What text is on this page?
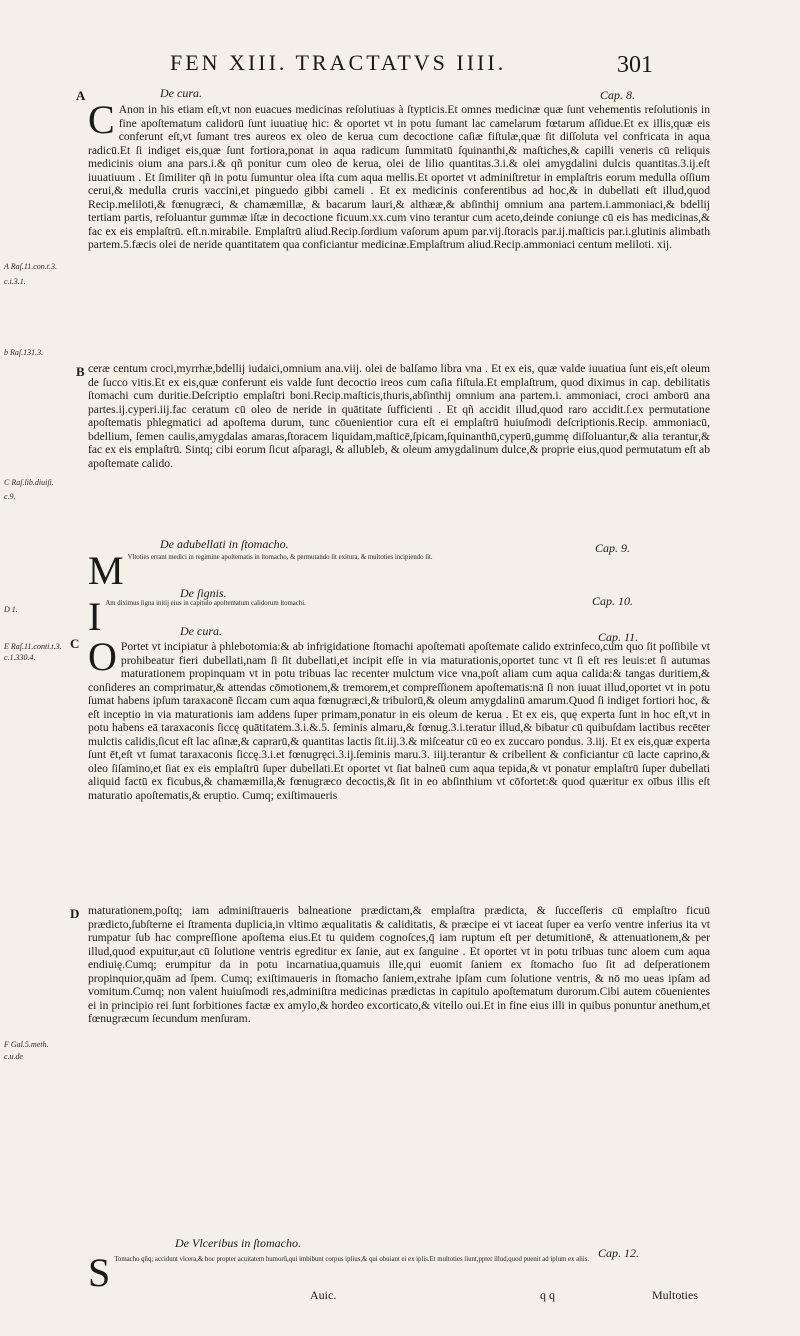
FEN XIII. TRACTATVS IIII.	301
A
B
C
D
A Raſ.11.con.t.3.
c.i.3.1.
b Raſ.131.3.
C Raſ.lib.diuiſi.
c.9.
D 1.
E Raſ.11.conti.t.3.
c.1.330.4.
F Gal.5.meth.
c.u.de
De cura.	Cap. 8.

C Anon in his etiam eſt,vt non euacues medicinas reſolutiuas à ſtypticis.Et omnes medicinæ quæ ſunt vehementis reſolutionis in fine apoſtematum calidorū ſunt iuuatiuę hic: & oportet vt in potu ſumant lac camelarum fœtarum aſſidue.Et ex illis,quæ eis conferunt eſt,vt ſumant tres aureos ex oleo de kerua cum decoctione caſiæ fiſtulæ,quæ ſit diſſoluta vel confricata in aqua radicū.Et ſi indiget eis,quæ ſunt fortiora,ponat in aqua radicum ſummitatū ſquinanthi,& maſtiches,& capilli veneris cū reliquis medicinis oium ana pars.i.& qñ ponitur cum oleo de kerua, olei de lilio quantitas.3.i.& olei amygdalini dulcis quantitas.3.ij.eſt iuuatiuum . Et ſimiliter qñ in potu ſumuntur olea iſta cum aqua mellis.Et oportet vt adminiſtretur in emplaſtris eorum medulla oſſium cerui,& medulla cruris vaccini,et pinguedo gibbi cameli . Et ex medicinis conferentibus ad hoc,& in dubellati eſt illud,quod Recip.meliloti,& fœnugræci, & chamæmillæ, & bacarum lauri,& althææ,& abſinthij omnium ana partem.i.ammoniaci,& bdellij tertiam partis, reſoluantur gummæ iſtæ in decoctione ficuum.xx.cum vino terantur cum aceto,deinde coniunge cū eis has medicinas,& fac ex eis emplaſtrū. eſt.n.mirabile. Emplaſtrū aliud.Recip.ſordium vaſorum apum par.vij.ſtoracis par.ij.maſticis par.i.glutinis alimbath partem.5.fæcis olei de neride quantitatem qua conficiantur medicinæ.Emplaſtrum aliud.Recip.ammoniaci centum meliloti. xij.

ceræ centum croci,myrrhæ,bdellij iudaici,omnium ana.viij. olei de balſamo libra vna . Et ex eis, quæ valde iuuatiua ſunt eis,eſt oleum de ſucco vitis.Et ex eis,quæ conferunt eis valde ſunt decoctio ireos cum caſia fiſtula.Et emplaſtrum, quod diximus in cap. debilitatis ſtomachi cum duritie.Deſcriptio emplaſtri boni.Recip.maſticis,thuris,abſinthij omnium ana partem.i. ammoniaci, croci amborū ana partes.ij.cyperi.iij.fac ceratum cū oleo de neride in quātitate ſufficienti . Et qñ accidit illud,quod raro accidit.ſ.ex permutatione apoſtematis phlegmatici ad apoſtema durum, tunc cōuenientior cura eſt ei emplaſtrū huiuſmodi deſcriptionis.Recip. ammoniacū, bdellium, ſemen caulis,amygdalas amaras,ſtoracem liquidam,maſticē,ſpicam,ſquinanthū,cyperū,gummę diſſoluantur,& alia terantur,& fac ex eis emplaſtrū. Sintq; cibi eorum ſicut aſparagi, & allubleb, & oleum amygdalinum dulce,& proprie eius,quod permutatum eſt ab apoſtemate calido.

De adubellati in ſtomacho.	Cap. 9.

M Vltoties errant medici in regimine apoſtematis in ſtomacho, & permutando ſit exitura, & multoties incipiendo ſit.

De ſignis.
Cap. 10.

I Am diximus ſigna initij eius in capitulo apoſtematum calidorum ſtomachi.

De cura.	Cap. 11.

O Portet vt incipiatur à phlebotomia:& ab infrigidatione ſtomachi apoſtemati apoſtemate calido extrinſeco,cum quo ſit poſſibile vt prohibeatur fieri dubellati,nam ſi ſit dubellati,et incipit eſſe in via maturationis,oportet tunc vt ſi eſt res leuis:et ſi autumas maturationem propinquam vt in potu tribuas lac recenter mulctum vice vna,poſt aliam cum aqua calida:& tangas duritiem,& conſideres an comprimatur,& attendas cōmotionem,& tremorem,et compreſſionem apoſtematis:nā ſi non iuuat illud,oportet vt in potu ſumat habens ipſum taraxaconē ſiccam cum aqua fœnugræci,& tribulorū,& oleum amygdalinū amarum.Quod ſi indiget fortiori hoc, & eſt inceptio in via maturationis iam addens ſuper primam,ponatur in eis oleum de kerua . Et ex eis, quę experta ſunt in hoc eſt,vt in potu habens eā taraxaconis ſiccę quātitatem.3.i.&.5. ſeminis almaru,& fœnug.3.i.teratur illud,& bibatur cū quibuſdam lactibus recēter mulctis calidis,ſicut eſt lac aſinæ,& caprarū,& quantitas lactis ſit.iij.3.& miſceatur cū eo ex zuccaro pondus. 3.iij. Et ex eis,quæ experta ſunt ēt,eſt vt ſumat taraxaconis ſiccę.3.i.et fœnugręci.3.ij.ſeminis maru.3. iiij.terantur & cribellent & conficiantur cū lacte caprino,& oleo ſiſamino,et ſiat ex eis emplaſtrū ſuper dubellati.Et oportet vt ſiat balneū cum aqua tepida,& vt ponatur emplaſtrū ſuper dubellati aliquid factū ex ficubus,& chamæmilla,& fœnugræco decoctis,& ſit in eo abſinthium vt cōfortet:& quod quæritur ex oībus illis eſt maturatio apoſtematis,& eruptio. Cumq; exiſtimaueris

maturationem,poſtq; iam adminiſtraueris balneatione prædictam,& emplaſtra prædicta, & ſucceſſeris cū emplaſtro ficuū prædicto,ſubſterne ei ſtramenta duplicia,in vltimo æqualitatis & caliditatis, & præcipe ei vt iaceat ſuper ea verſo ventre inferius ita vt rumpatur ſub hac compreſſione apoſtema eius.Et tu quidem cognoſces,q̄ iam ruptum eſt per detumitionē, & attenuationem,& per illud,quod expuitur,aut cū ſolutione ventris egreditur ex ſanie, aut ex ſanguine . Et oportet vt in potu tribuas tunc aloem cum aqua endiuię.Cumq; erumpitur da in potu incarnatiua,quamuis ille,qui euomit ſaniem ex ſtomacho ſuo ſit ad deſperationem propinquior,quām ad ſpem. Cumq; exiſtimaueris in ſtomacho ſaniem,extrahe ipſam cum ſolutione ventris, & nō mo ueas ipſam ad vomitum.Cumq; non valent huiuſmodi res,adminiſtra medicinas prædictas in capitulo apoſtematum durorum.Cibi autem cōuenientes ei in principio rei ſunt ſorbitiones factæ ex amylo,& hordeo excorticato,& vitello oui.Et in fine eius illi in quibus ponuntur anethum,et fœnugræcum ſecundum menſuram.

De Vlceribus in ſtomacho.
Cap. 12.

S Tomacho qñq; accidunt vlcera,& hoc propter acuitatem humorū,qui imbibunt corpus ipſius,& qui obuiant ei ex ipſis.Et multoties ſiunt,ppter illud,quod puenit ad ipſum ex aliis.

Auic.	q q	Multoties
